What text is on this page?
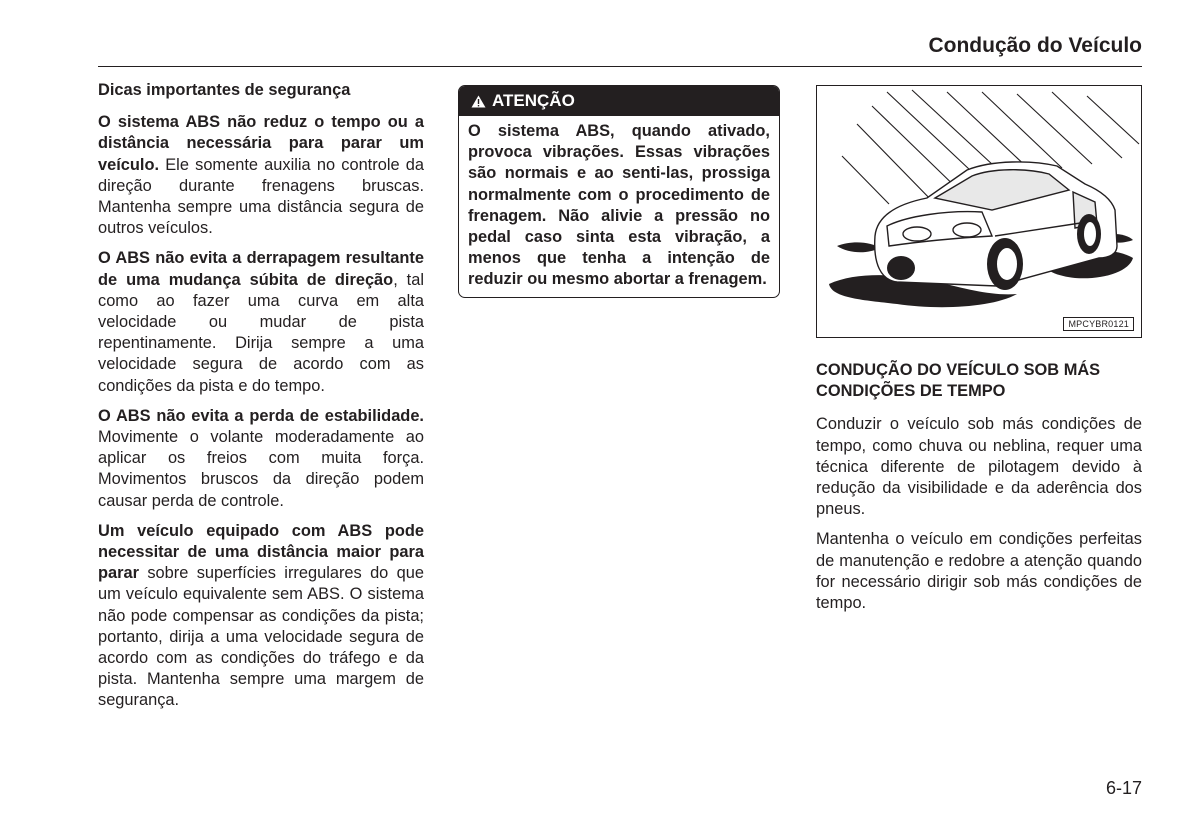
Condução do Veículo

Dicas importantes de segurança

O sistema ABS não reduz o tempo ou a distância necessária para parar um veículo. Ele somente auxilia no controle da direção durante frenagens bruscas. Mantenha sempre uma distância segura de outros veículos.

O ABS não evita a derrapagem resultante de uma mudança súbita de direção, tal como ao fazer uma curva em alta velocidade ou mudar de pista repentinamente. Dirija sempre a uma velocidade segura de acordo com as condições da pista e do tempo.

O ABS não evita a perda de estabilidade. Movimente o volante moderadamente ao aplicar os freios com muita força. Movimentos bruscos da direção podem causar perda de controle.

Um veículo equipado com ABS pode necessitar de uma distância maior para parar sobre superfícies irregulares do que um veículo equivalente sem ABS. O sistema não pode compensar as condições da pista; portanto, dirija a uma velocidade segura de acordo com as condições do tráfego e da pista. Mantenha sempre uma margem de segurança.

ATENÇÃO
O sistema ABS, quando ativado, provoca vibrações. Essas vibrações são normais e ao senti-las, prossiga normalmente com o procedimento de frenagem. Não alivie a pressão no pedal caso sinta esta vibração, a menos que tenha a intenção de reduzir ou mesmo abortar a frenagem.
MPCYBR0121

CONDUÇÃO DO VEÍCULO SOB MÁS CONDIÇÕES DE TEMPO

Conduzir o veículo sob más condições de tempo, como chuva ou neblina, requer uma técnica diferente de pilotagem devido à redução da visibilidade e da aderência dos pneus.

Mantenha o veículo em condições perfeitas de manutenção e redobre a atenção quando for necessário dirigir sob más condições de tempo.

6-17
